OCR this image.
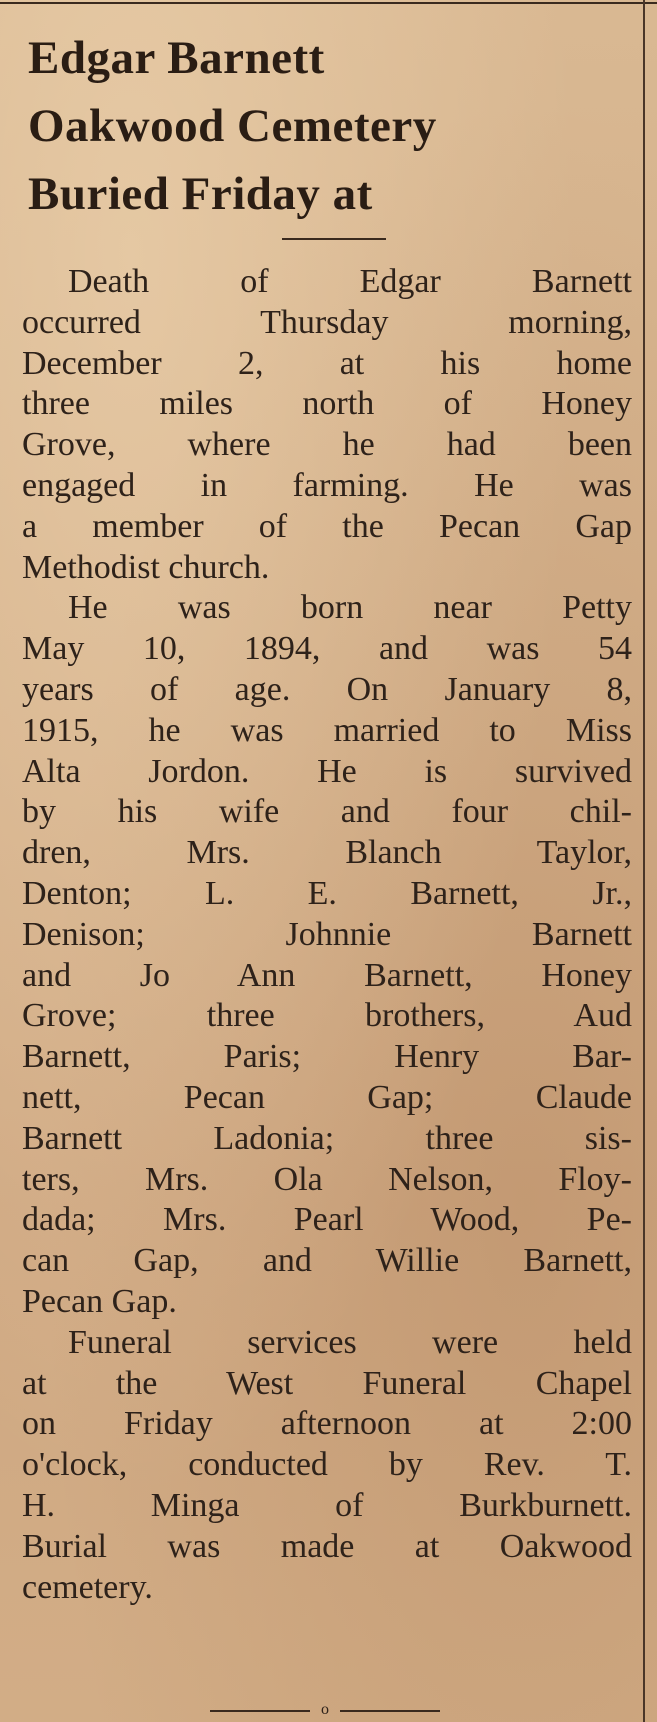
Edgar Barnett
Oakwood Cemetery
Buried Friday at
Death of Edgar Barnett
occurred Thursday morning,
December 2, at his home
three miles north of Honey
Grove, where he had been
engaged in farming. He was
a member of the Pecan Gap
Methodist church.
He was born near Petty
May 10, 1894, and was 54
years of age. On January 8,
1915, he was married to Miss
Alta Jordon. He is survived
by his wife and four chil-
dren, Mrs. Blanch Taylor,
Denton; L. E. Barnett, Jr.,
Denison; Johnnie Barnett
and Jo Ann Barnett, Honey
Grove; three brothers, Aud
Barnett, Paris; Henry Bar-
nett, Pecan Gap; Claude
Barnett Ladonia; three sis-
ters, Mrs. Ola Nelson, Floy-
dada; Mrs. Pearl Wood, Pe-
can Gap, and Willie Barnett,
Pecan Gap.
Funeral services were held
at the West Funeral Chapel
on Friday afternoon at 2:00
o'clock, conducted by Rev. T.
H. Minga of Burkburnett.
Burial was made at Oakwood
cemetery.
o
